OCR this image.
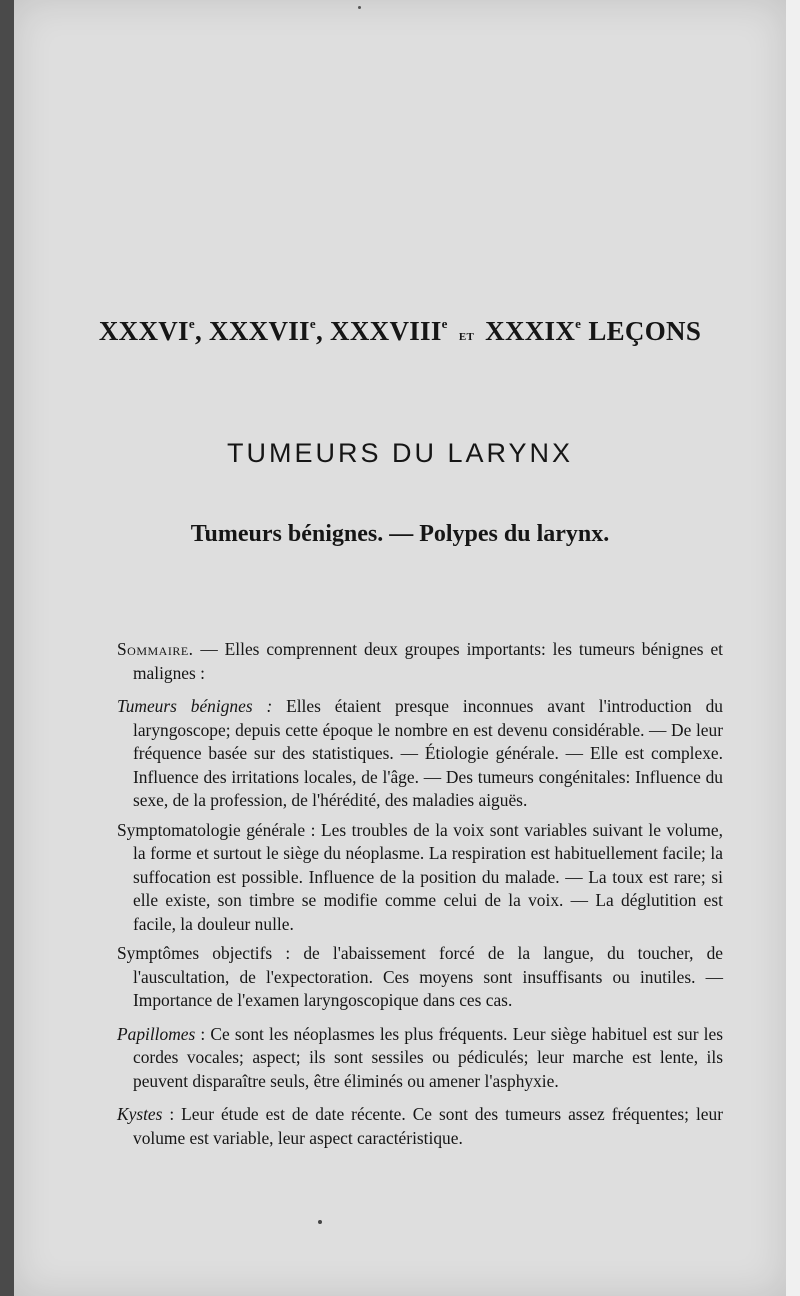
XXXVIe, XXXVIIe, XXXVIIIe et XXXIXe LEÇONS
TUMEURS DU LARYNX
Tumeurs bénignes. — Polypes du larynx.

Sommaire. — Elles comprennent deux groupes importants: les tumeurs bénignes et malignes :

Tumeurs bénignes : Elles étaient presque inconnues avant l'introduction du laryngoscope; depuis cette époque le nombre en est devenu considérable. — De leur fréquence basée sur des statistiques. — Étiologie générale. — Elle est complexe. Influence des irritations locales, de l'âge. — Des tumeurs congénitales: Influence du sexe, de la profession, de l'hérédité, des maladies aiguës.

Symptomatologie générale : Les troubles de la voix sont variables suivant le volume, la forme et surtout le siège du néoplasme. La respiration est habituellement facile; la suffocation est possible. Influence de la position du malade. — La toux est rare; si elle existe, son timbre se modifie comme celui de la voix. — La déglutition est facile, la douleur nulle.

Symptômes objectifs : de l'abaissement forcé de la langue, du toucher, de l'auscultation, de l'expectoration. Ces moyens sont insuffisants ou inutiles. — Importance de l'examen laryngoscopique dans ces cas.

Papillomes : Ce sont les néoplasmes les plus fréquents. Leur siège habituel est sur les cordes vocales; aspect; ils sont sessiles ou pédiculés; leur marche est lente, ils peuvent disparaître seuls, être éliminés ou amener l'asphyxie.

Kystes : Leur étude est de date récente. Ce sont des tumeurs assez fréquentes; leur volume est variable, leur aspect caractéristique.
